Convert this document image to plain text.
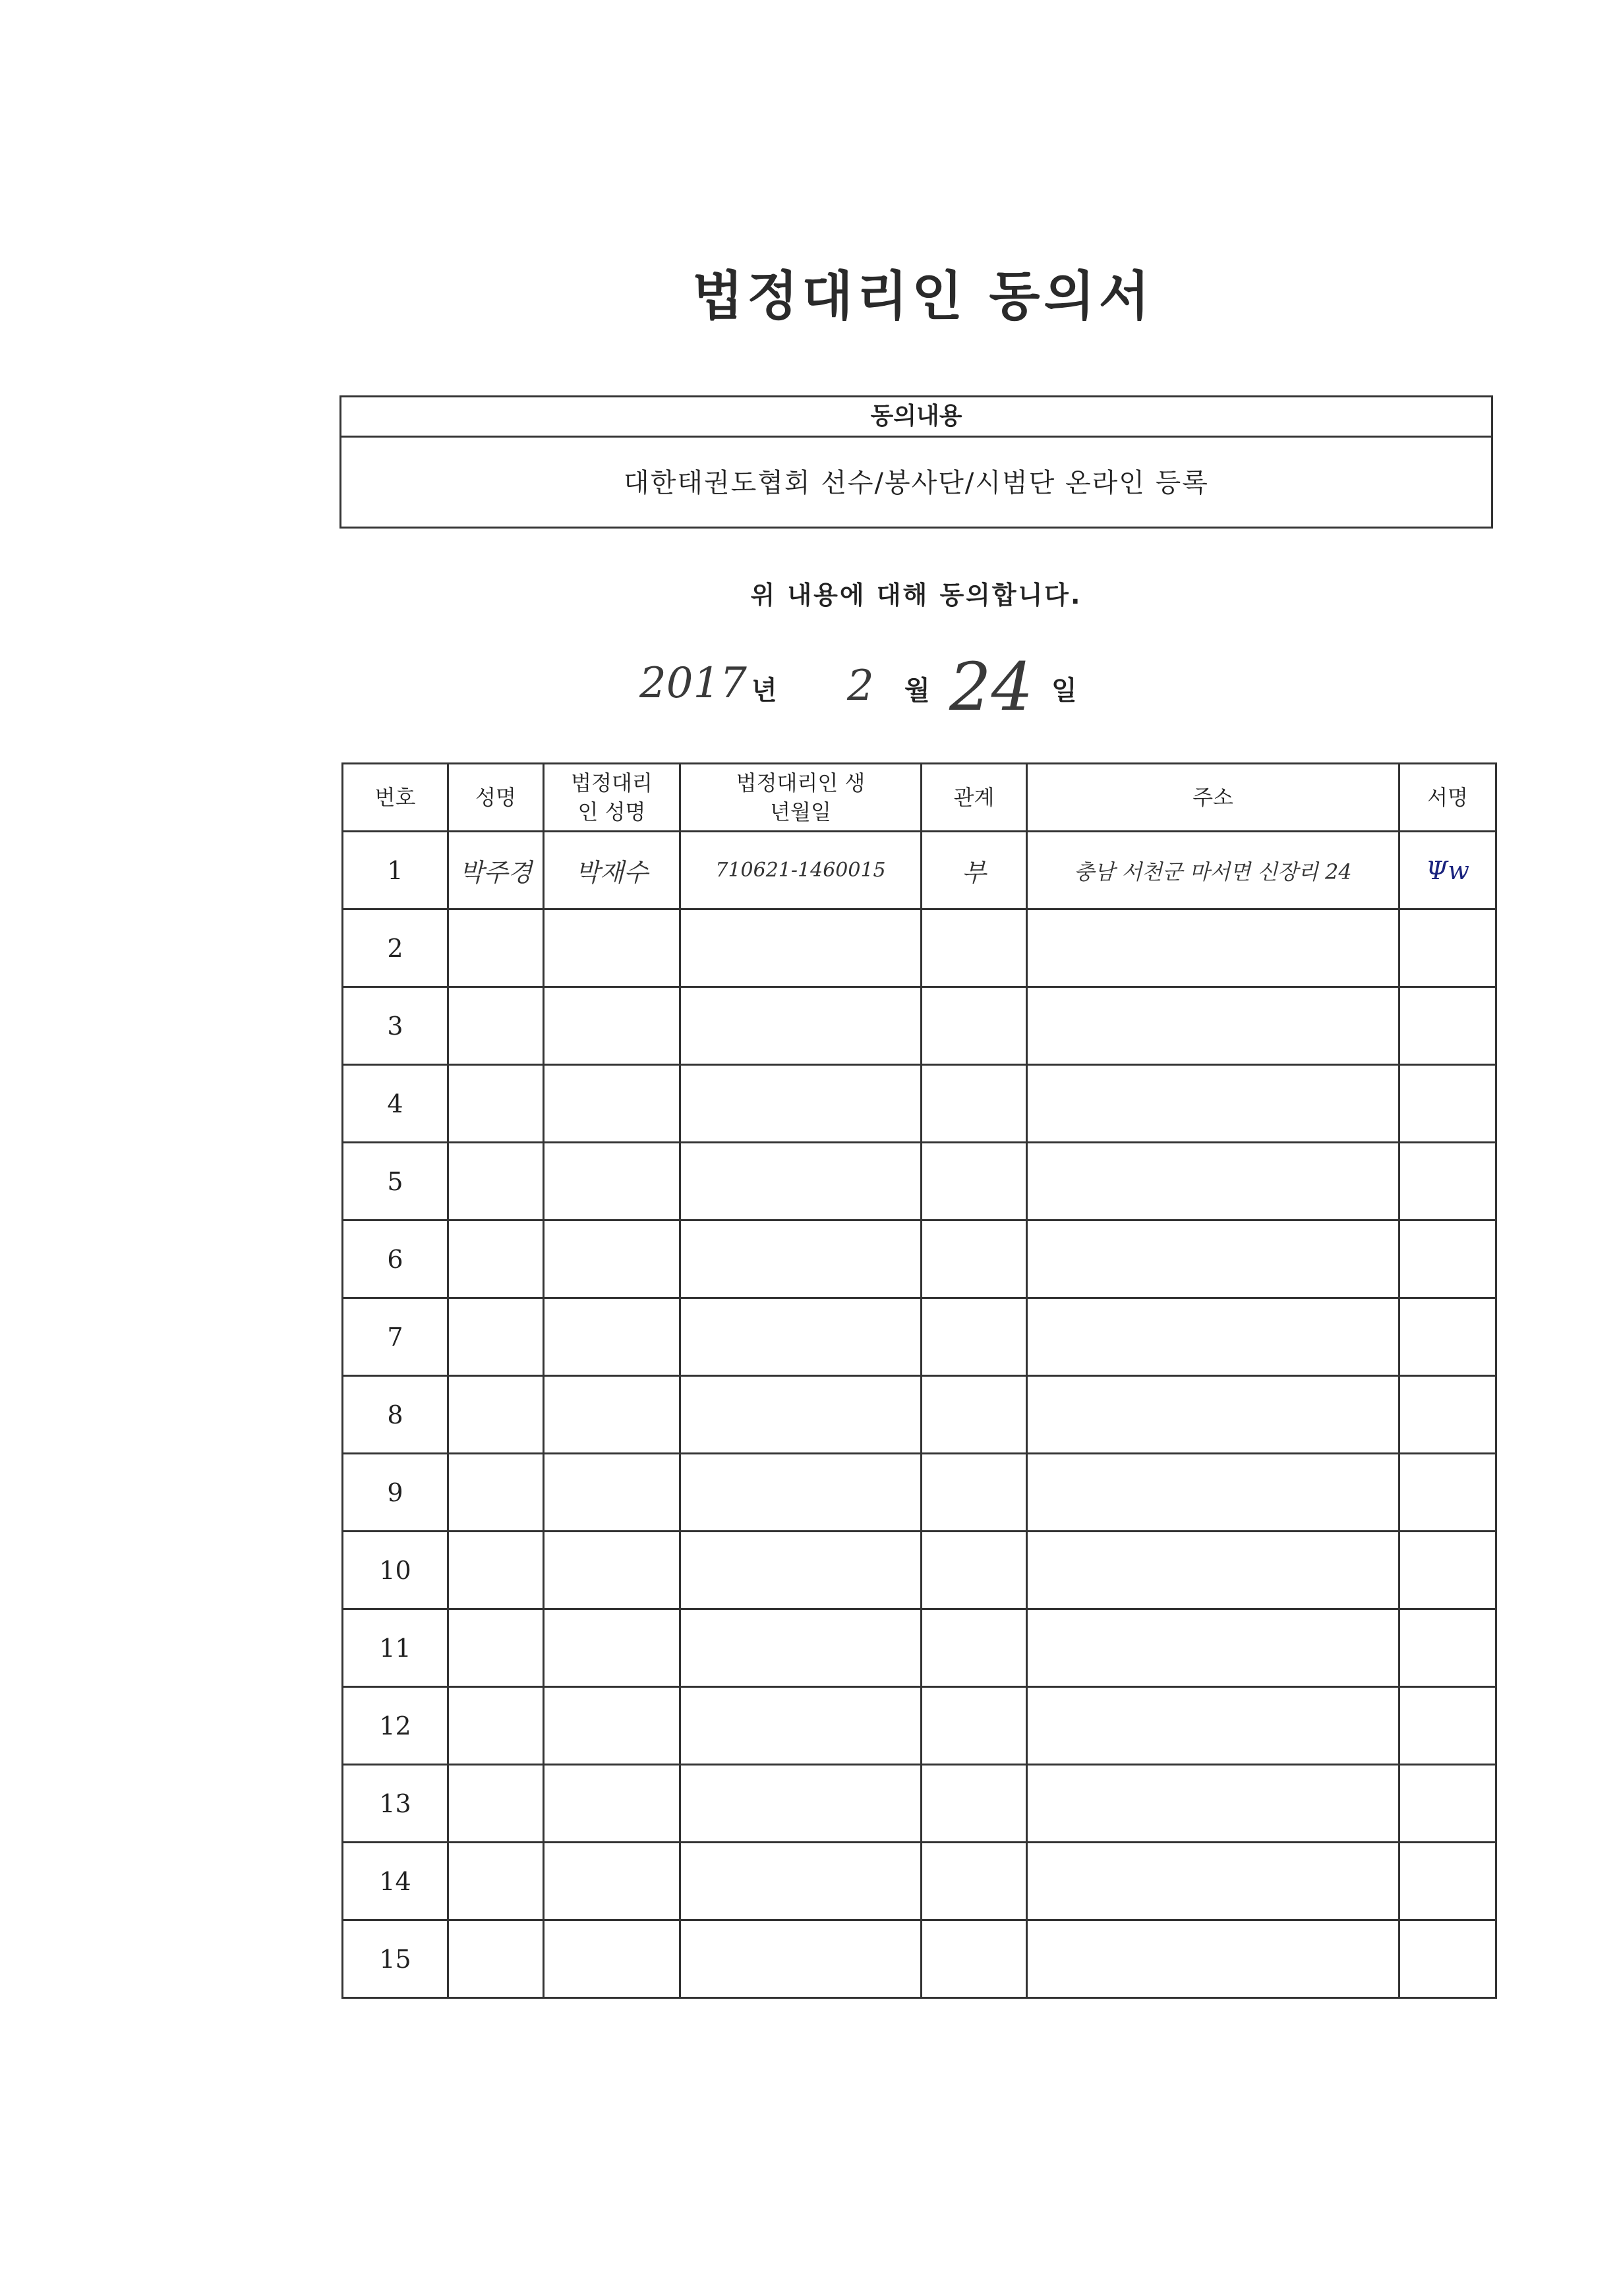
법정대리인 동의서
동의내용
대한태권도협회 선수/봉사단/시범단 온라인 등록
위 내용에 대해 동의합니다.
2017 년 2 월 24 일
번호	성명	법정대리인 성명	법정대리인 생년월일	관계	주소	서명
1	박주경	박재수	710621-1460015	부	충남 서천군 마서면 신장리 24	Ψw
2						
3						
4						
5						
6						
7						
8						
9						
10						
11						
12						
13						
14						
15						
